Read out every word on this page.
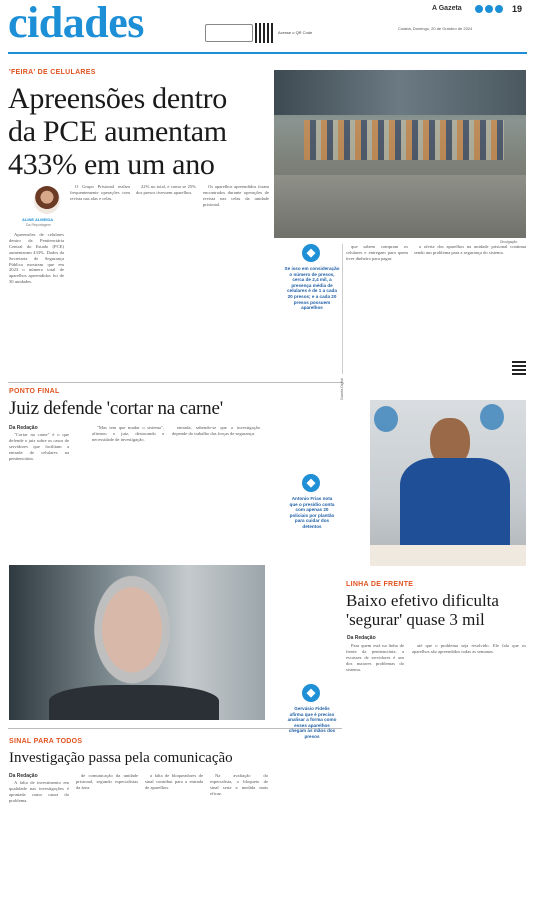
cidades	Acesse o QR Code
A Gazeta	19
Cuiabá, Domingo, 20 de Outubro de 2024
'FEIRA' DE CELULARES
Apreensões dentro
da PCE aumentam
433% em um ano
Divulgação
ALINE ALMEIDA
Da Reportagem

Apreensões de celulares dentro da Penitenciária Central do Estado (PCE) aumentaram 433%. Dados da Secretaria de Segurança Pública mostram que em 2023 o número total de aparelhos apreendidos foi de 30 unidades.

22% no total, e como se 25% dos presos tivessem aparelhos.

Os aparelhos apreendidos foram encontrados durante operações de revista nas celas da unidade prisional.

O Grupo Prisional realiza frequentemente operações com revista nas alas e celas.

◆
Se isso em consideração o número de presos, cerca de 2,4 mil, a presença média de celulares é de 1 a cada 20 presos; e a cada 20 presos possuem aparelhos

que sabem compram os celulares e entregam para quem tiver dinheiro para pagar.

a oferta dos aparelhos na unidade prisional continua sendo um problema para a segurança do sistema.

PONTO FINAL
Juiz defende 'cortar na carne'
Da Redação

"Cortar na carne" é o que defende o juiz sobre os casos de servidores que facilitam a entrada de celulares na penitenciária.

"Mas tem que mudar o sistema", afirmou o juiz, destacando a necessidade de investigação.

entrada, sabendo-se que a investigação depende do trabalho das forças de segurança.

Gazeta Digital
◆
Antonio Frias nota que o presídio conta com apenas 20 policiais por plantão para cuidar dos detentos
LINHA DE FRENTE
Baixo efetivo dificulta
'segurar' quase 3 mil
Da Redação

Para quem está na linha de frente da penitenciária, a escassez de servidores é um dos maiores problemas do sistema.

até que o problema seja resolvido. Ele fala que os aparelhos são apreendidos todas as semanas.

SINAL PARA TODOS
Investigação passa pela comunicação
Da Redação

A falta de investimento em qualidade nas investigações é apontada como causa do problema.

de comunicação da unidade prisional, segundo especialistas da área.

a falta de bloqueadores de sinal contribui para a entrada de aparelhos.

Na avaliação do especialista, o bloqueio de sinal seria a medida mais eficaz.

◆
Gervásio Fidelis afirma que é preciso analisar a forma como esses aparelhos chegam às mãos dos presos
